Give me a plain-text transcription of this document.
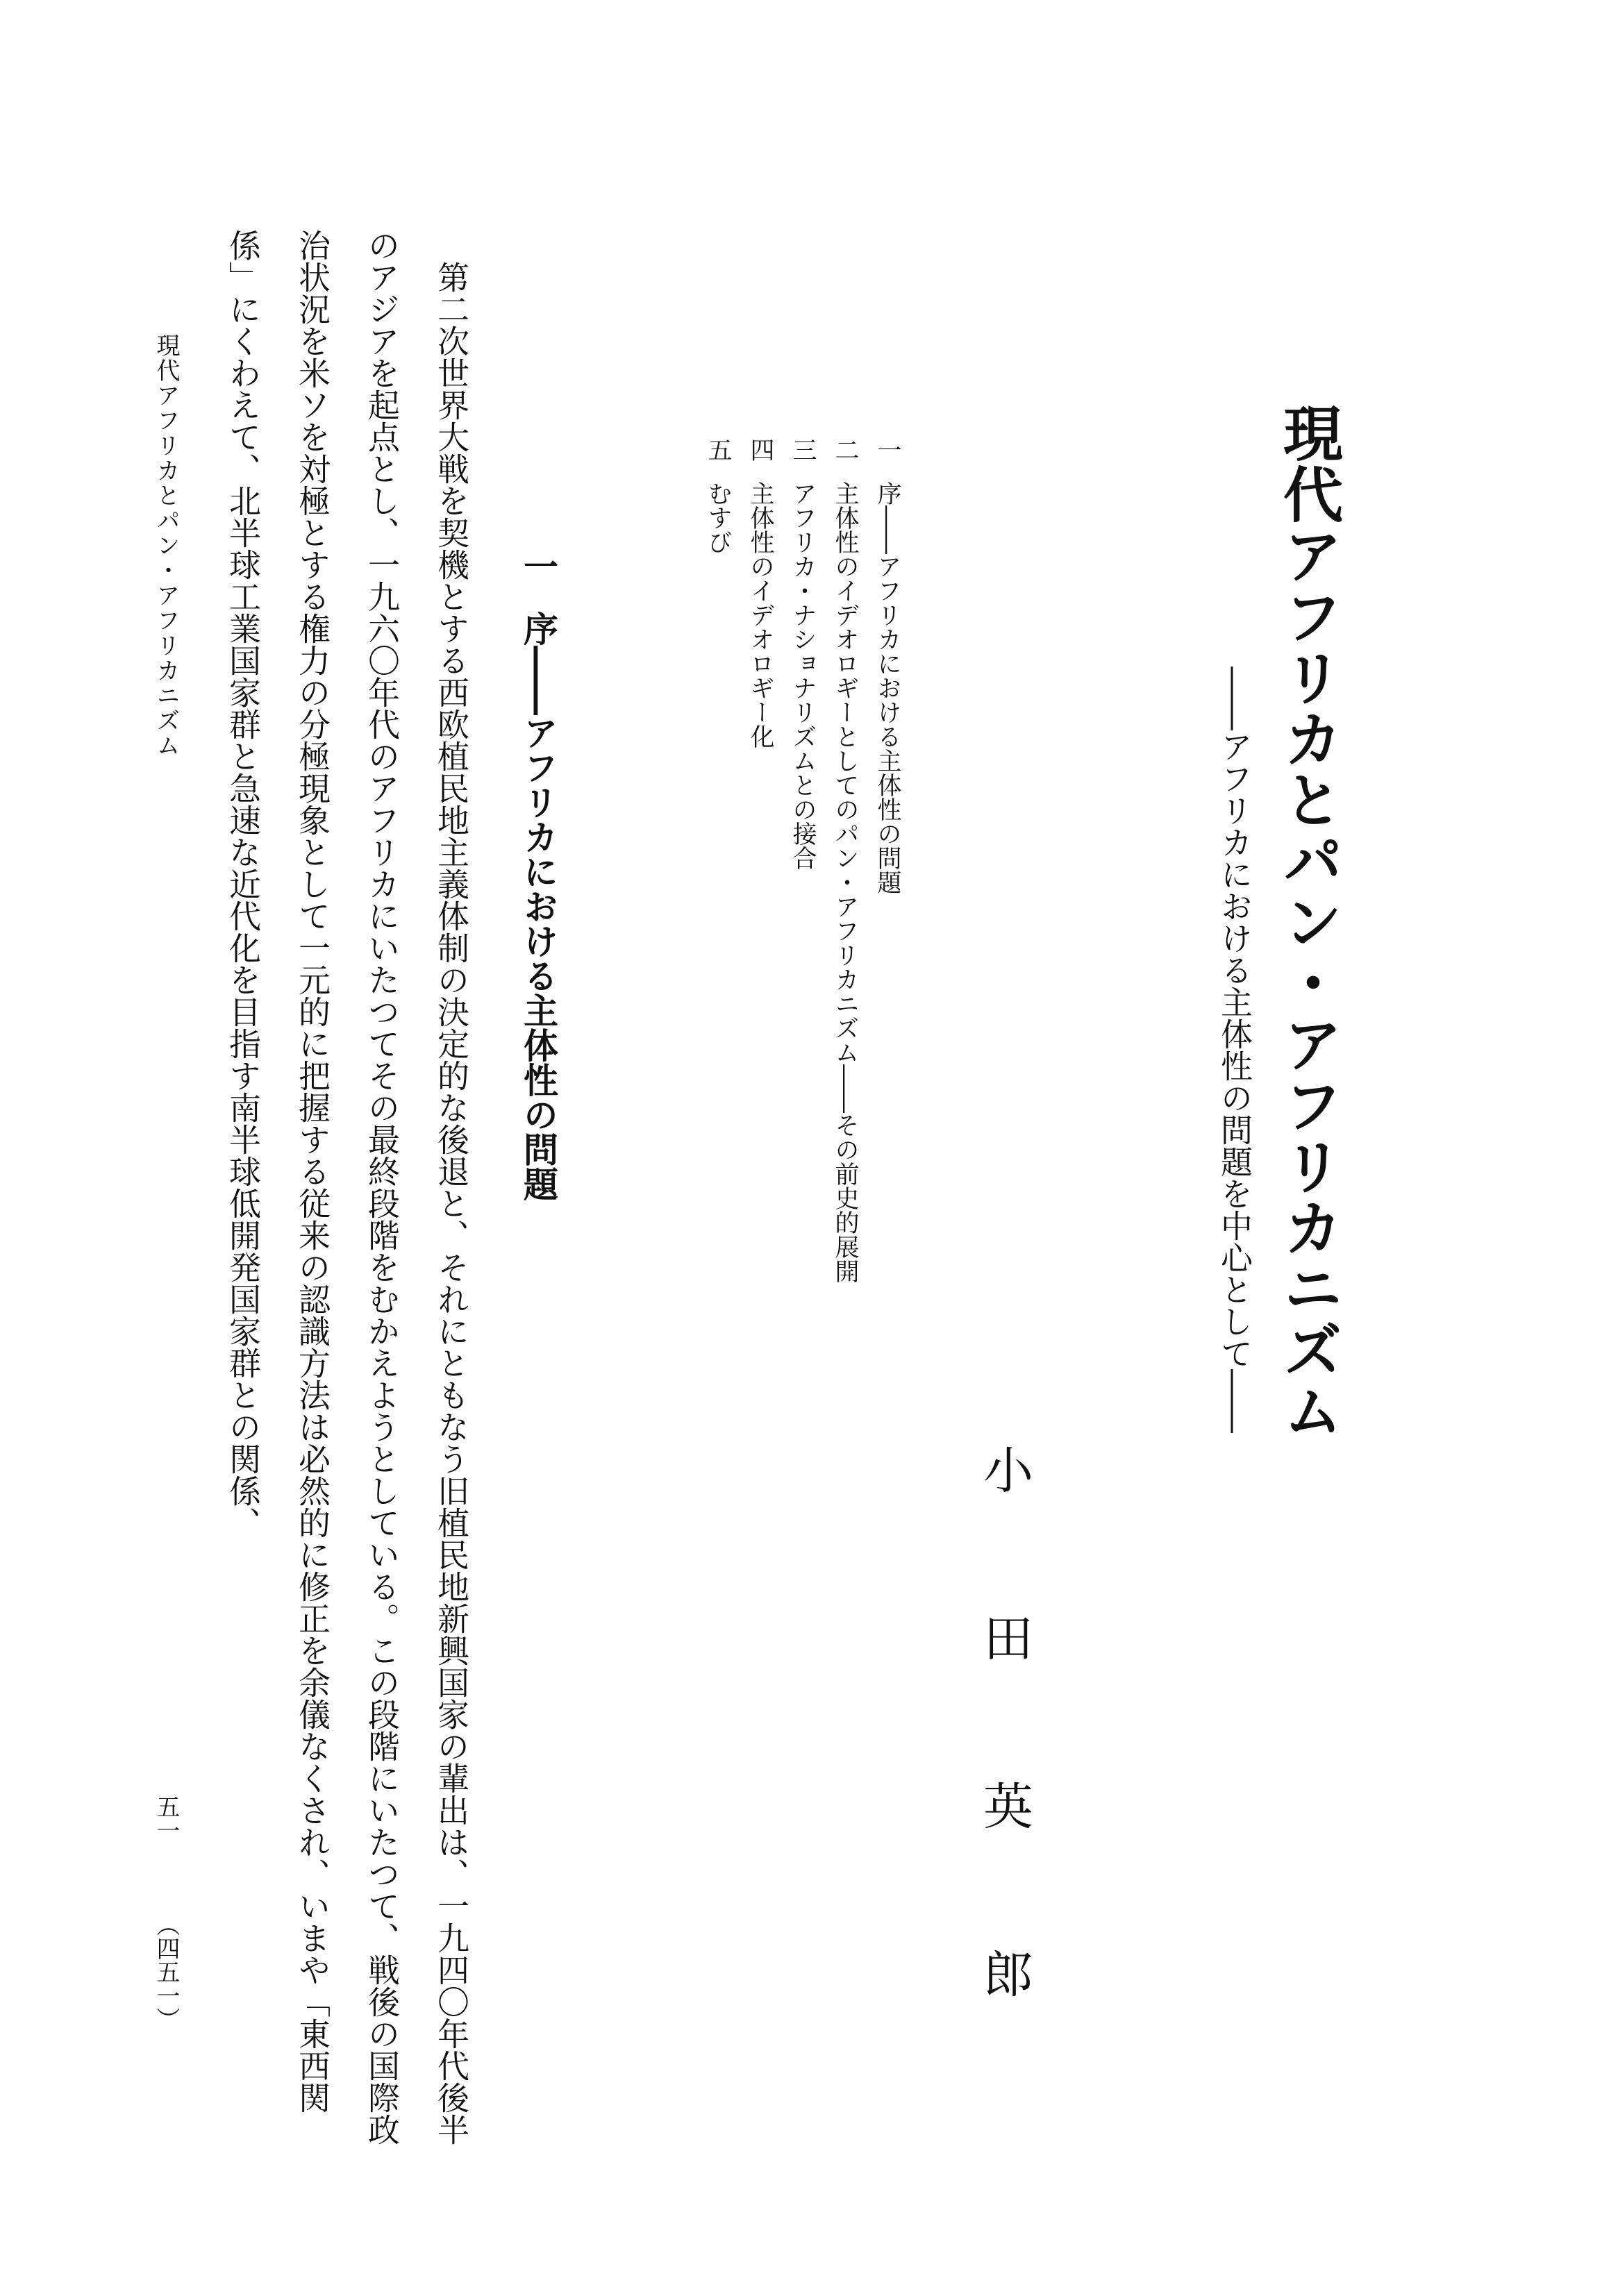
現代アフリカとパン・アフリカニズム
――アフリカにおける主体性の問題を中心として――
小田英郎
一序――アフリカにおける主体性の問題
二主体性のイデオロギーとしてのパン・アフリカニズム――その前史的展開
三アフリカ・ナショナリズムとの接合
四主体性のイデオロギー化
五むすび
一序――アフリカにおける主体性の問題

第二次世界大戦を契機とする西欧植民地主義体制の決定的な後退と、それにともなう旧植民地新興国家の輩出は、一九四〇年代後半のアジアを起点とし、一九六〇年代のアフリカにいたつてその最終段階をむかえようとしている。この段階にいたつて、戦後の国際政治状況を米ソを対極とする権力の分極現象として一元的に把握する従来の認識方法は必然的に修正を余儀なくされ、いまや「東西関係」にくわえて、北半球工業国家群と急速な近代化を目指す南半球低開発国家群との関係、

現代アフリカとパン・アフリカニズム
五一
（四五一）
